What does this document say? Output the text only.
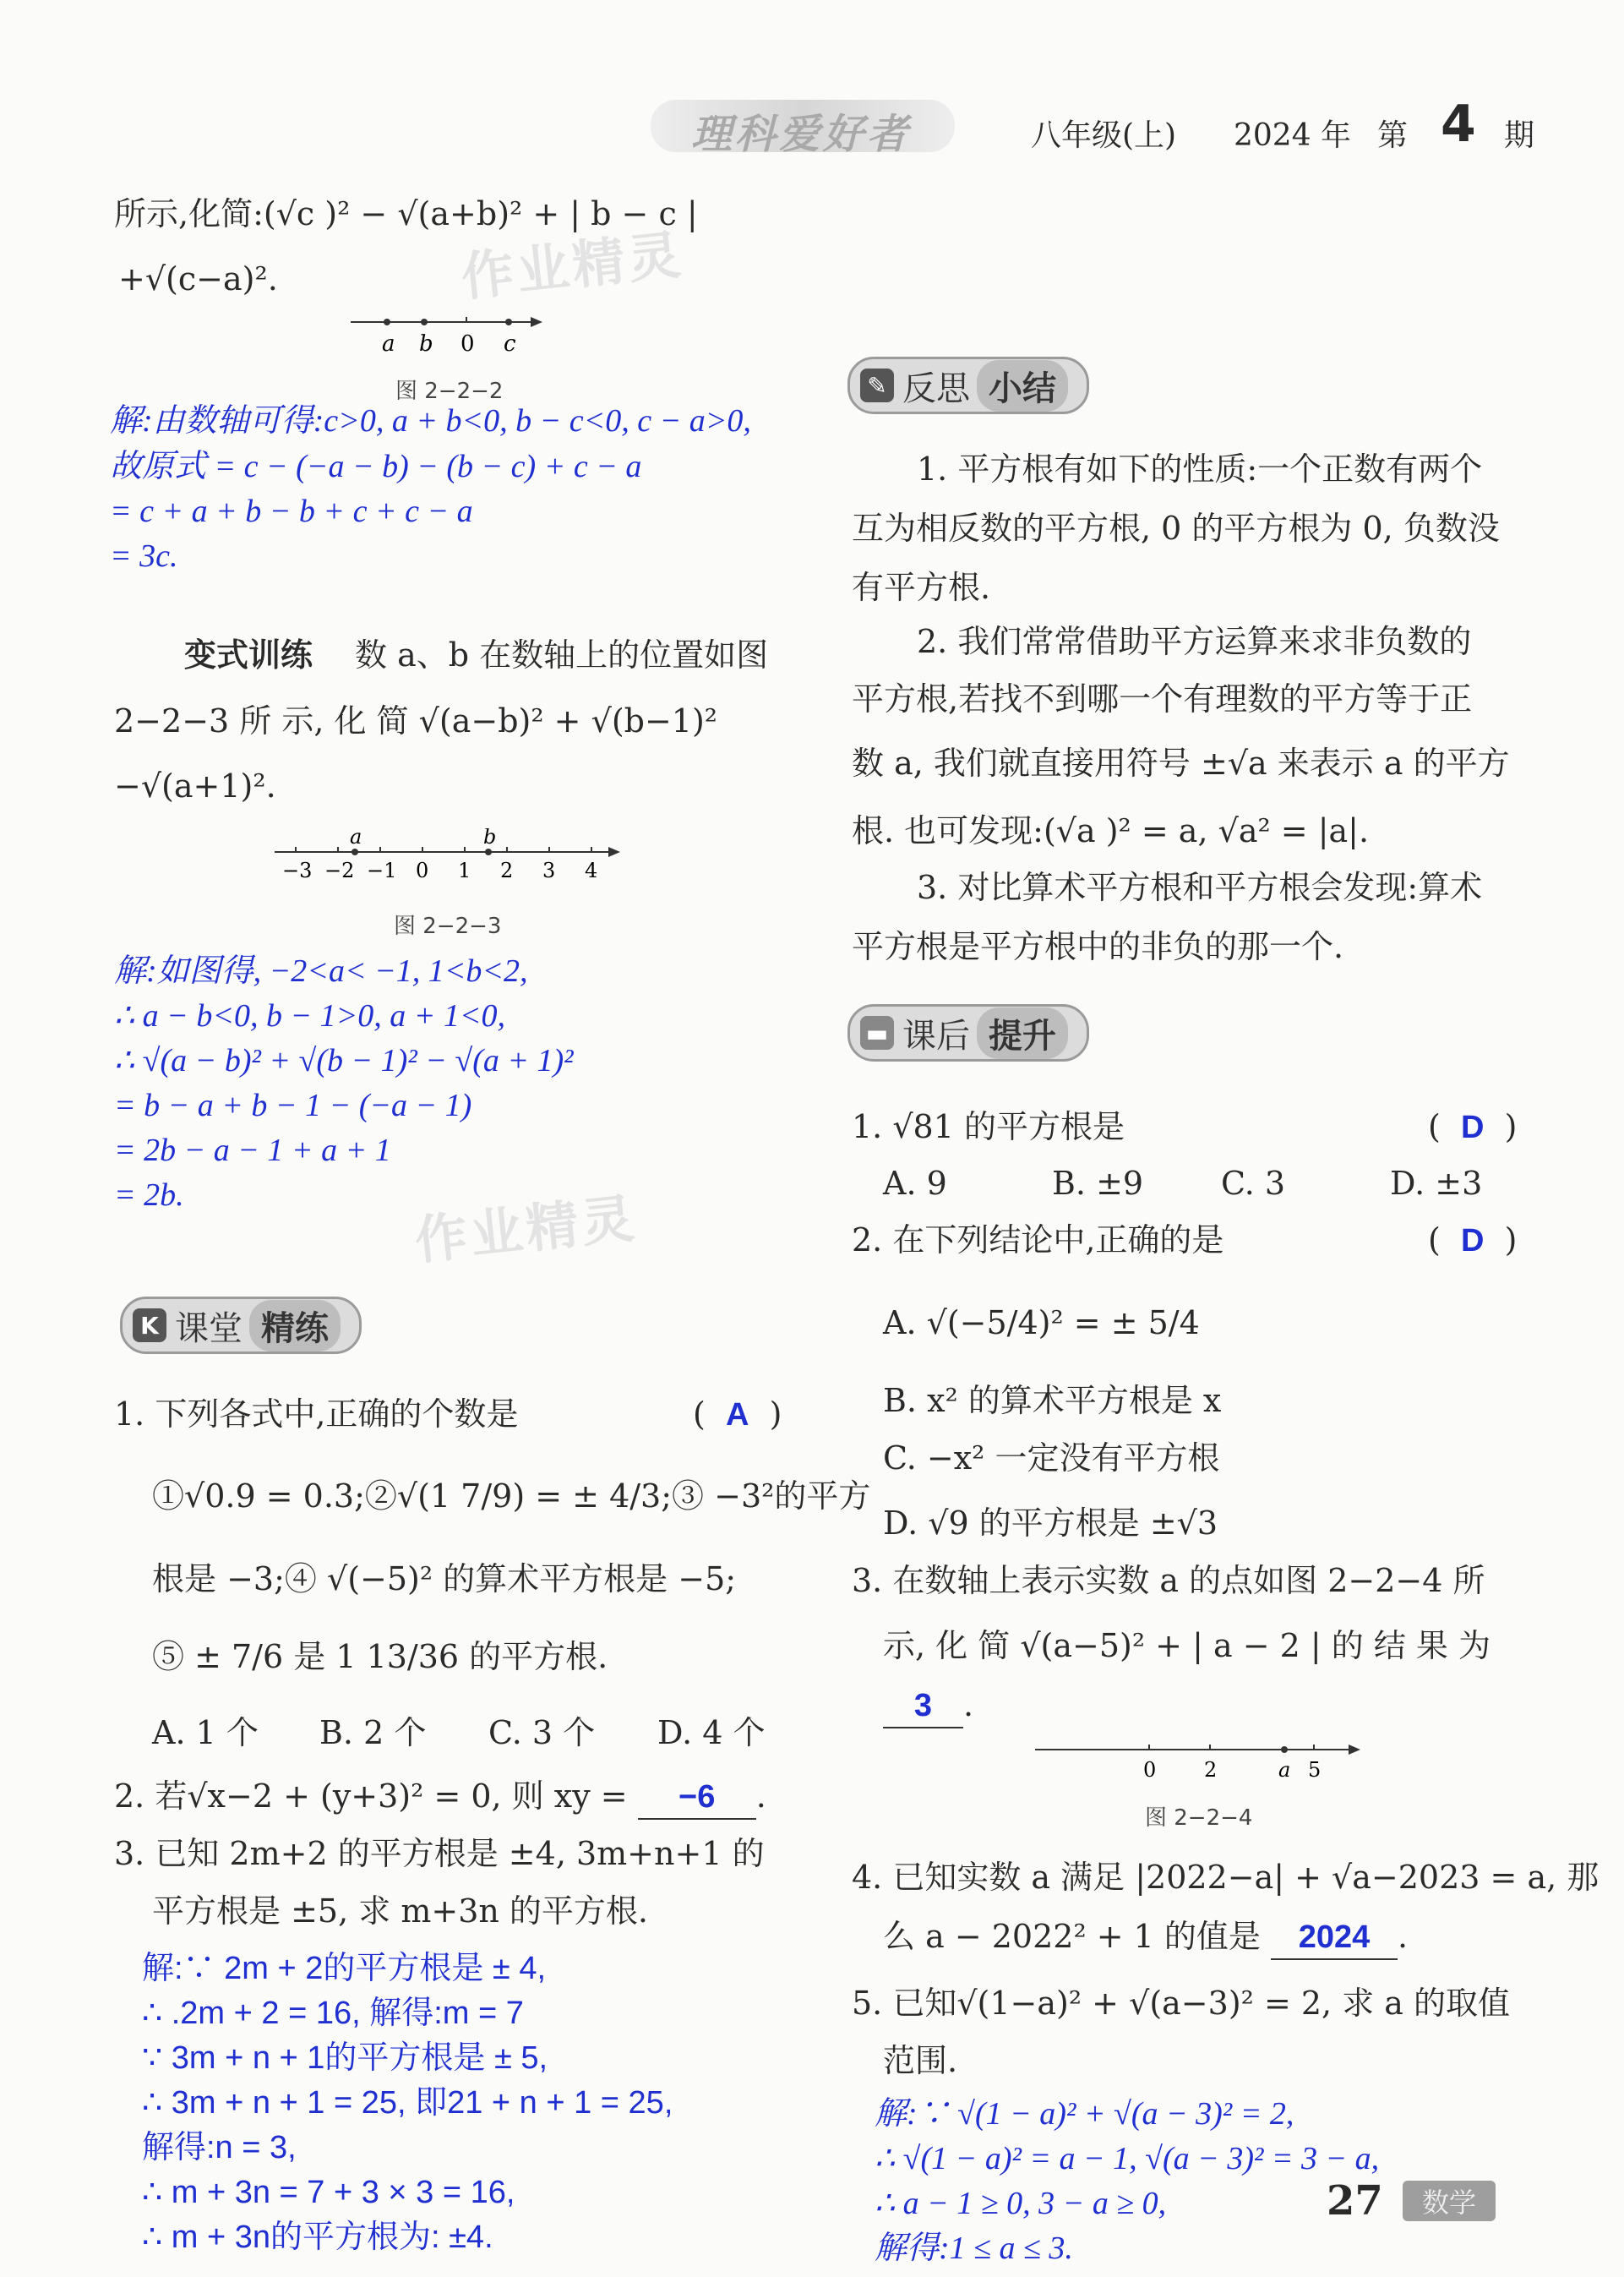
理科爱好者	八年级(上) 2024 年 第 4 期
作业精灵
作业精灵
所示,化简:(√c )² − √(a+b)² + | b − c |
+√(c−a)².
a b 0 c
图 2−2−2
解:由数轴可得:c>0, a + b<0, b − c<0, c − a>0,
故原式 = c − (−a − b) − (b − c) + c − a
= c + a + b − b + c + c − a
= 3c.
变式训练 数 a、b 在数轴上的位置如图
2−2−3 所 示, 化 简 √(a−b)² + √(b−1)²
−√(a+1)².
a	b
−3 −2 −1 0 1 2 3 4
图 2−2−3
解:如图得, −2<a< −1, 1<b<2,
∴ a − b<0, b − 1>0, a + 1<0,
∴ √(a − b)² + √(b − 1)² − √(a + 1)²
= b − a + b − 1 − (−a − 1)
= 2b − a − 1 + a + 1
= 2b.
K 课堂 精练
1. 下列各式中,正确的个数是	(  A  )
①√0.9 = 0.3;②√(1 7/9) = ± 4/3;③ −3²的平方
根是 −3;④ √(−5)² 的算术平方根是 −5;
⑤ ± 7/6 是 1 13/36 的平方根.
A. 1 个 B. 2 个 C. 3 个 D. 4 个
2. 若√x−2 + (y+3)² = 0, 则 xy = −6 .
3. 已知 2m+2 的平方根是 ±4, 3m+n+1 的
平方根是 ±5, 求 m+3n 的平方根.
解:∵ 2m + 2的平方根是 ± 4,
∴ .2m + 2 = 16, 解得:m = 7
∵ 3m + n + 1的平方根是 ± 5,
∴ 3m + n + 1 = 25, 即21 + n + 1 = 25,
解得:n = 3,
∴ m + 3n = 7 + 3 × 3 = 16,
∴ m + 3n的平方根为: ±4.
✎ 反思 小结
1. 平方根有如下的性质:一个正数有两个
互为相反数的平方根, 0 的平方根为 0, 负数没
有平方根.
2. 我们常常借助平方运算来求非负数的
平方根,若找不到哪一个有理数的平方等于正
数 a, 我们就直接用符号 ±√a 来表示 a 的平方
根. 也可发现:(√a )² = a, √a² = |a|.
3. 对比算术平方根和平方根会发现:算术
平方根是平方根中的非负的那一个.
▬ 课后 提升
1. √81 的平方根是	(  D  )
A. 9	B. ±9 C. 3	D. ±3
2. 在下列结论中,正确的是	(  D  )
A. √(−5/4)² = ± 5/4
B. x² 的算术平方根是 x
C. −x² 一定没有平方根
D. √9 的平方根是 ±√3
3. 在数轴上表示实数 a 的点如图 2−2−4 所
示, 化 简 √(a−5)² + | a − 2 | 的 结 果 为
3 .
0 2	a 5
图 2−2−4
4. 已知实数 a 满足 |2022−a| + √a−2023 = a, 那
么 a − 2022² + 1 的值是 2024 .
5. 已知√(1−a)² + √(a−3)² = 2, 求 a 的取值
范围.
解:∵ √(1 − a)² + √(a − 3)² = 2,
∴ √(1 − a)² = a − 1, √(a − 3)² = 3 − a,
∴ a − 1 ≥ 0, 3 − a ≥ 0,
解得:1 ≤ a ≤ 3.
27	数学
